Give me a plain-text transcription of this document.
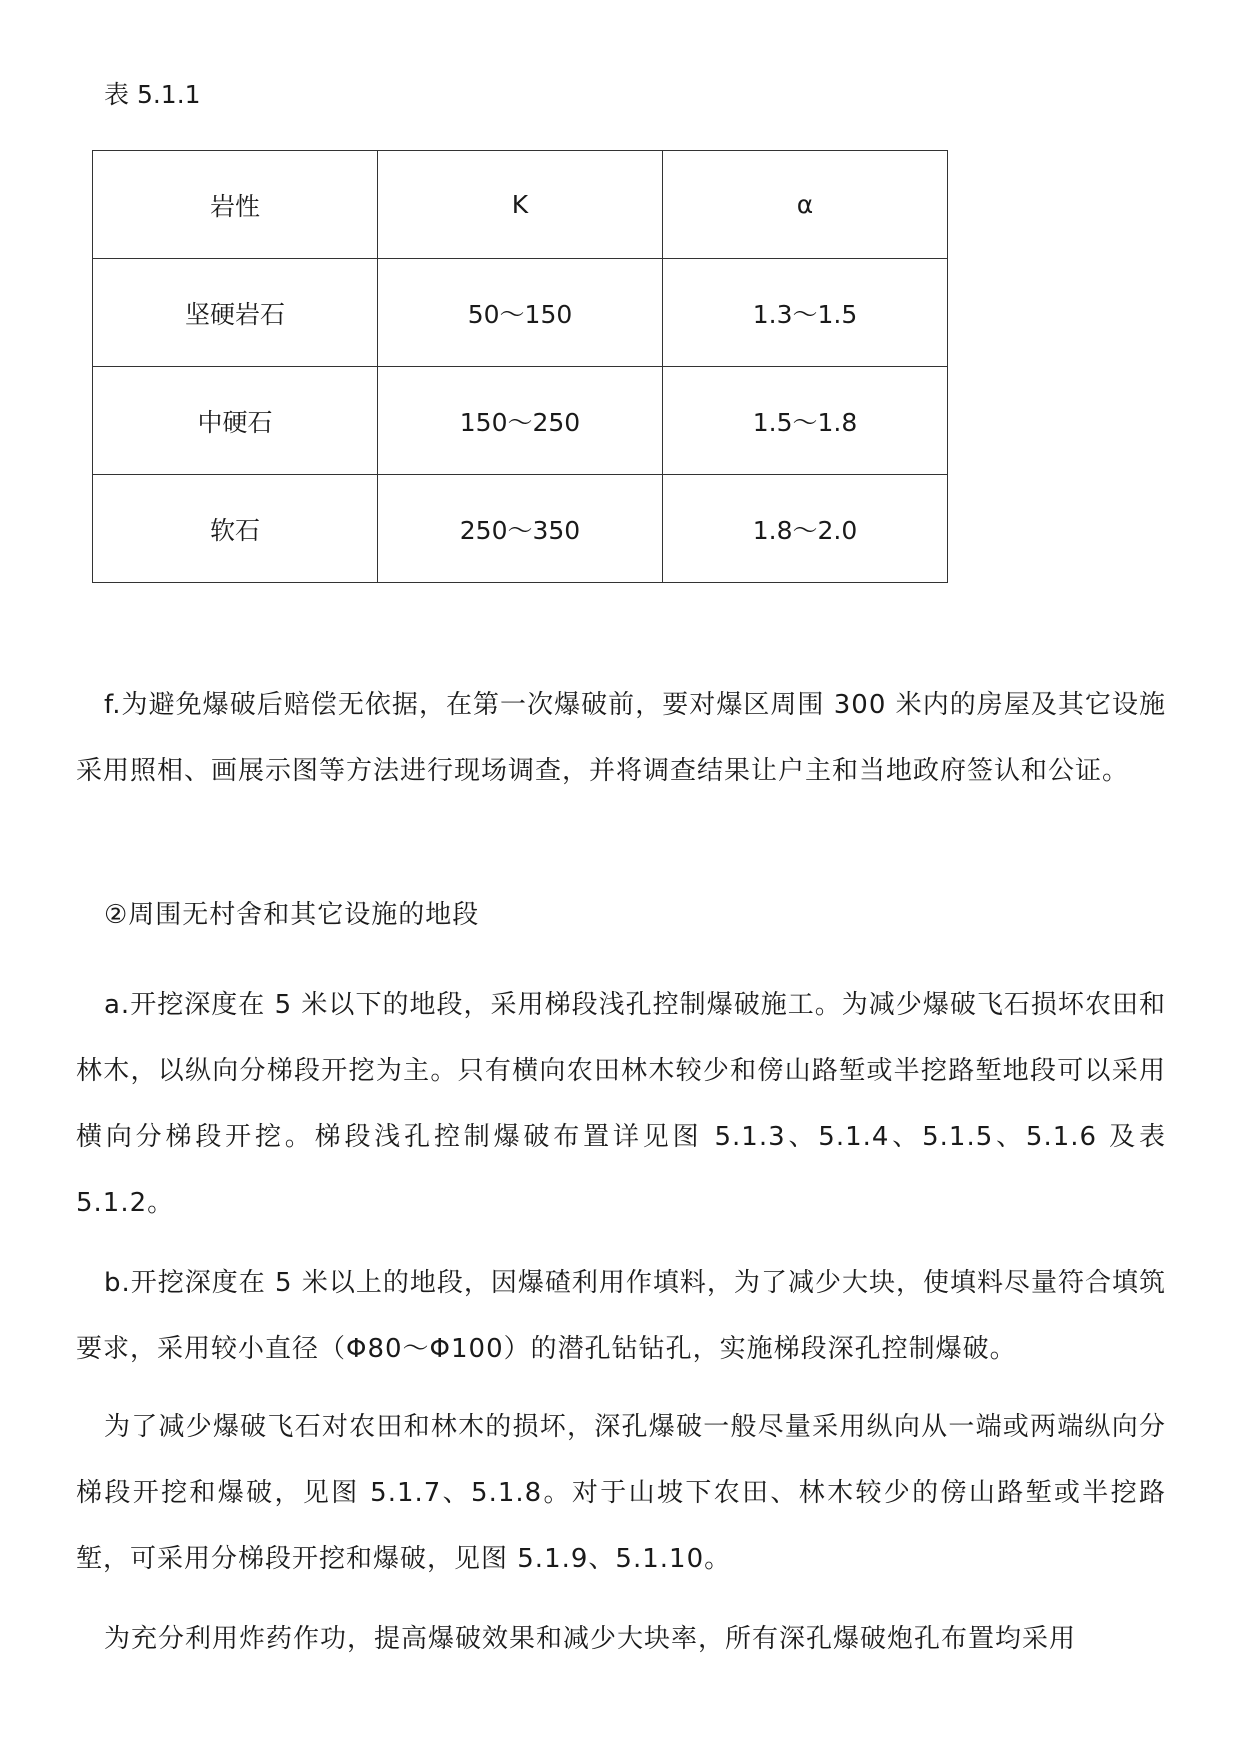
表 5.1.1
岩性	K	α
坚硬岩石	50～150	1.3～1.5
中硬石	150～250	1.5～1.8
软石	250～350	1.8～2.0

f.为避免爆破后赔偿无依据，在第一次爆破前，要对爆区周围 300 米内的房屋及其它设施采用照相、画展示图等方法进行现场调查，并将调查结果让户主和当地政府签认和公证。

②周围无村舍和其它设施的地段

a.开挖深度在 5 米以下的地段，采用梯段浅孔控制爆破施工。为减少爆破飞石损坏农田和林木，以纵向分梯段开挖为主。只有横向农田林木较少和傍山路堑或半挖路堑地段可以采用横向分梯段开挖。梯段浅孔控制爆破布置详见图 5.1.3、5.1.4、5.1.5、5.1.6 及表 5.1.2。

b.开挖深度在 5 米以上的地段，因爆碴利用作填料，为了减少大块，使填料尽量符合填筑要求，采用较小直径（Φ80～Φ100）的潜孔钻钻孔，实施梯段深孔控制爆破。

为了减少爆破飞石对农田和林木的损坏，深孔爆破一般尽量采用纵向从一端或两端纵向分梯段开挖和爆破，见图 5.1.7、5.1.8。对于山坡下农田、林木较少的傍山路堑或半挖路堑，可采用分梯段开挖和爆破，见图 5.1.9、5.1.10。

为充分利用炸药作功，提高爆破效果和减少大块率，所有深孔爆破炮孔布置均采用
